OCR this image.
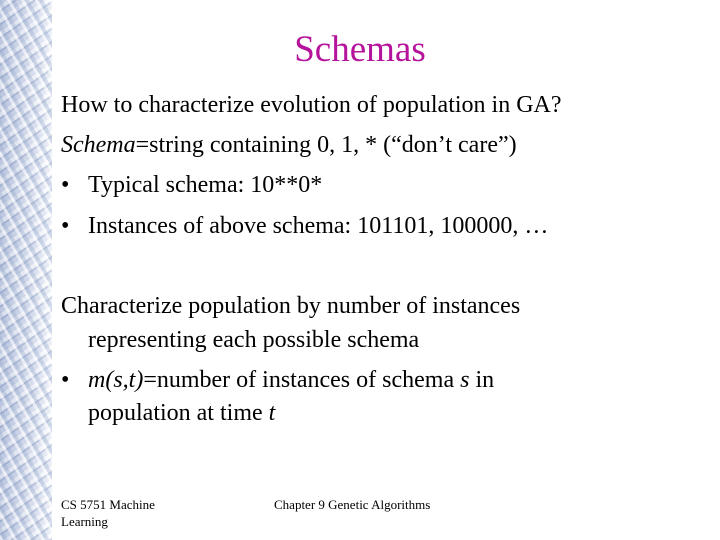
Schemas
How to characterize evolution of population in GA?
Schema=string containing 0, 1, * (“don’t care”)
• Typical schema: 10**0*
• Instances of above schema: 101101, 100000, …
Characterize population by number of instances
representing each possible schema
• m(s,t)=number of instances of schema s in
population at time t
CS 5751 Machine
Learning
Chapter 9 Genetic Algorithms
